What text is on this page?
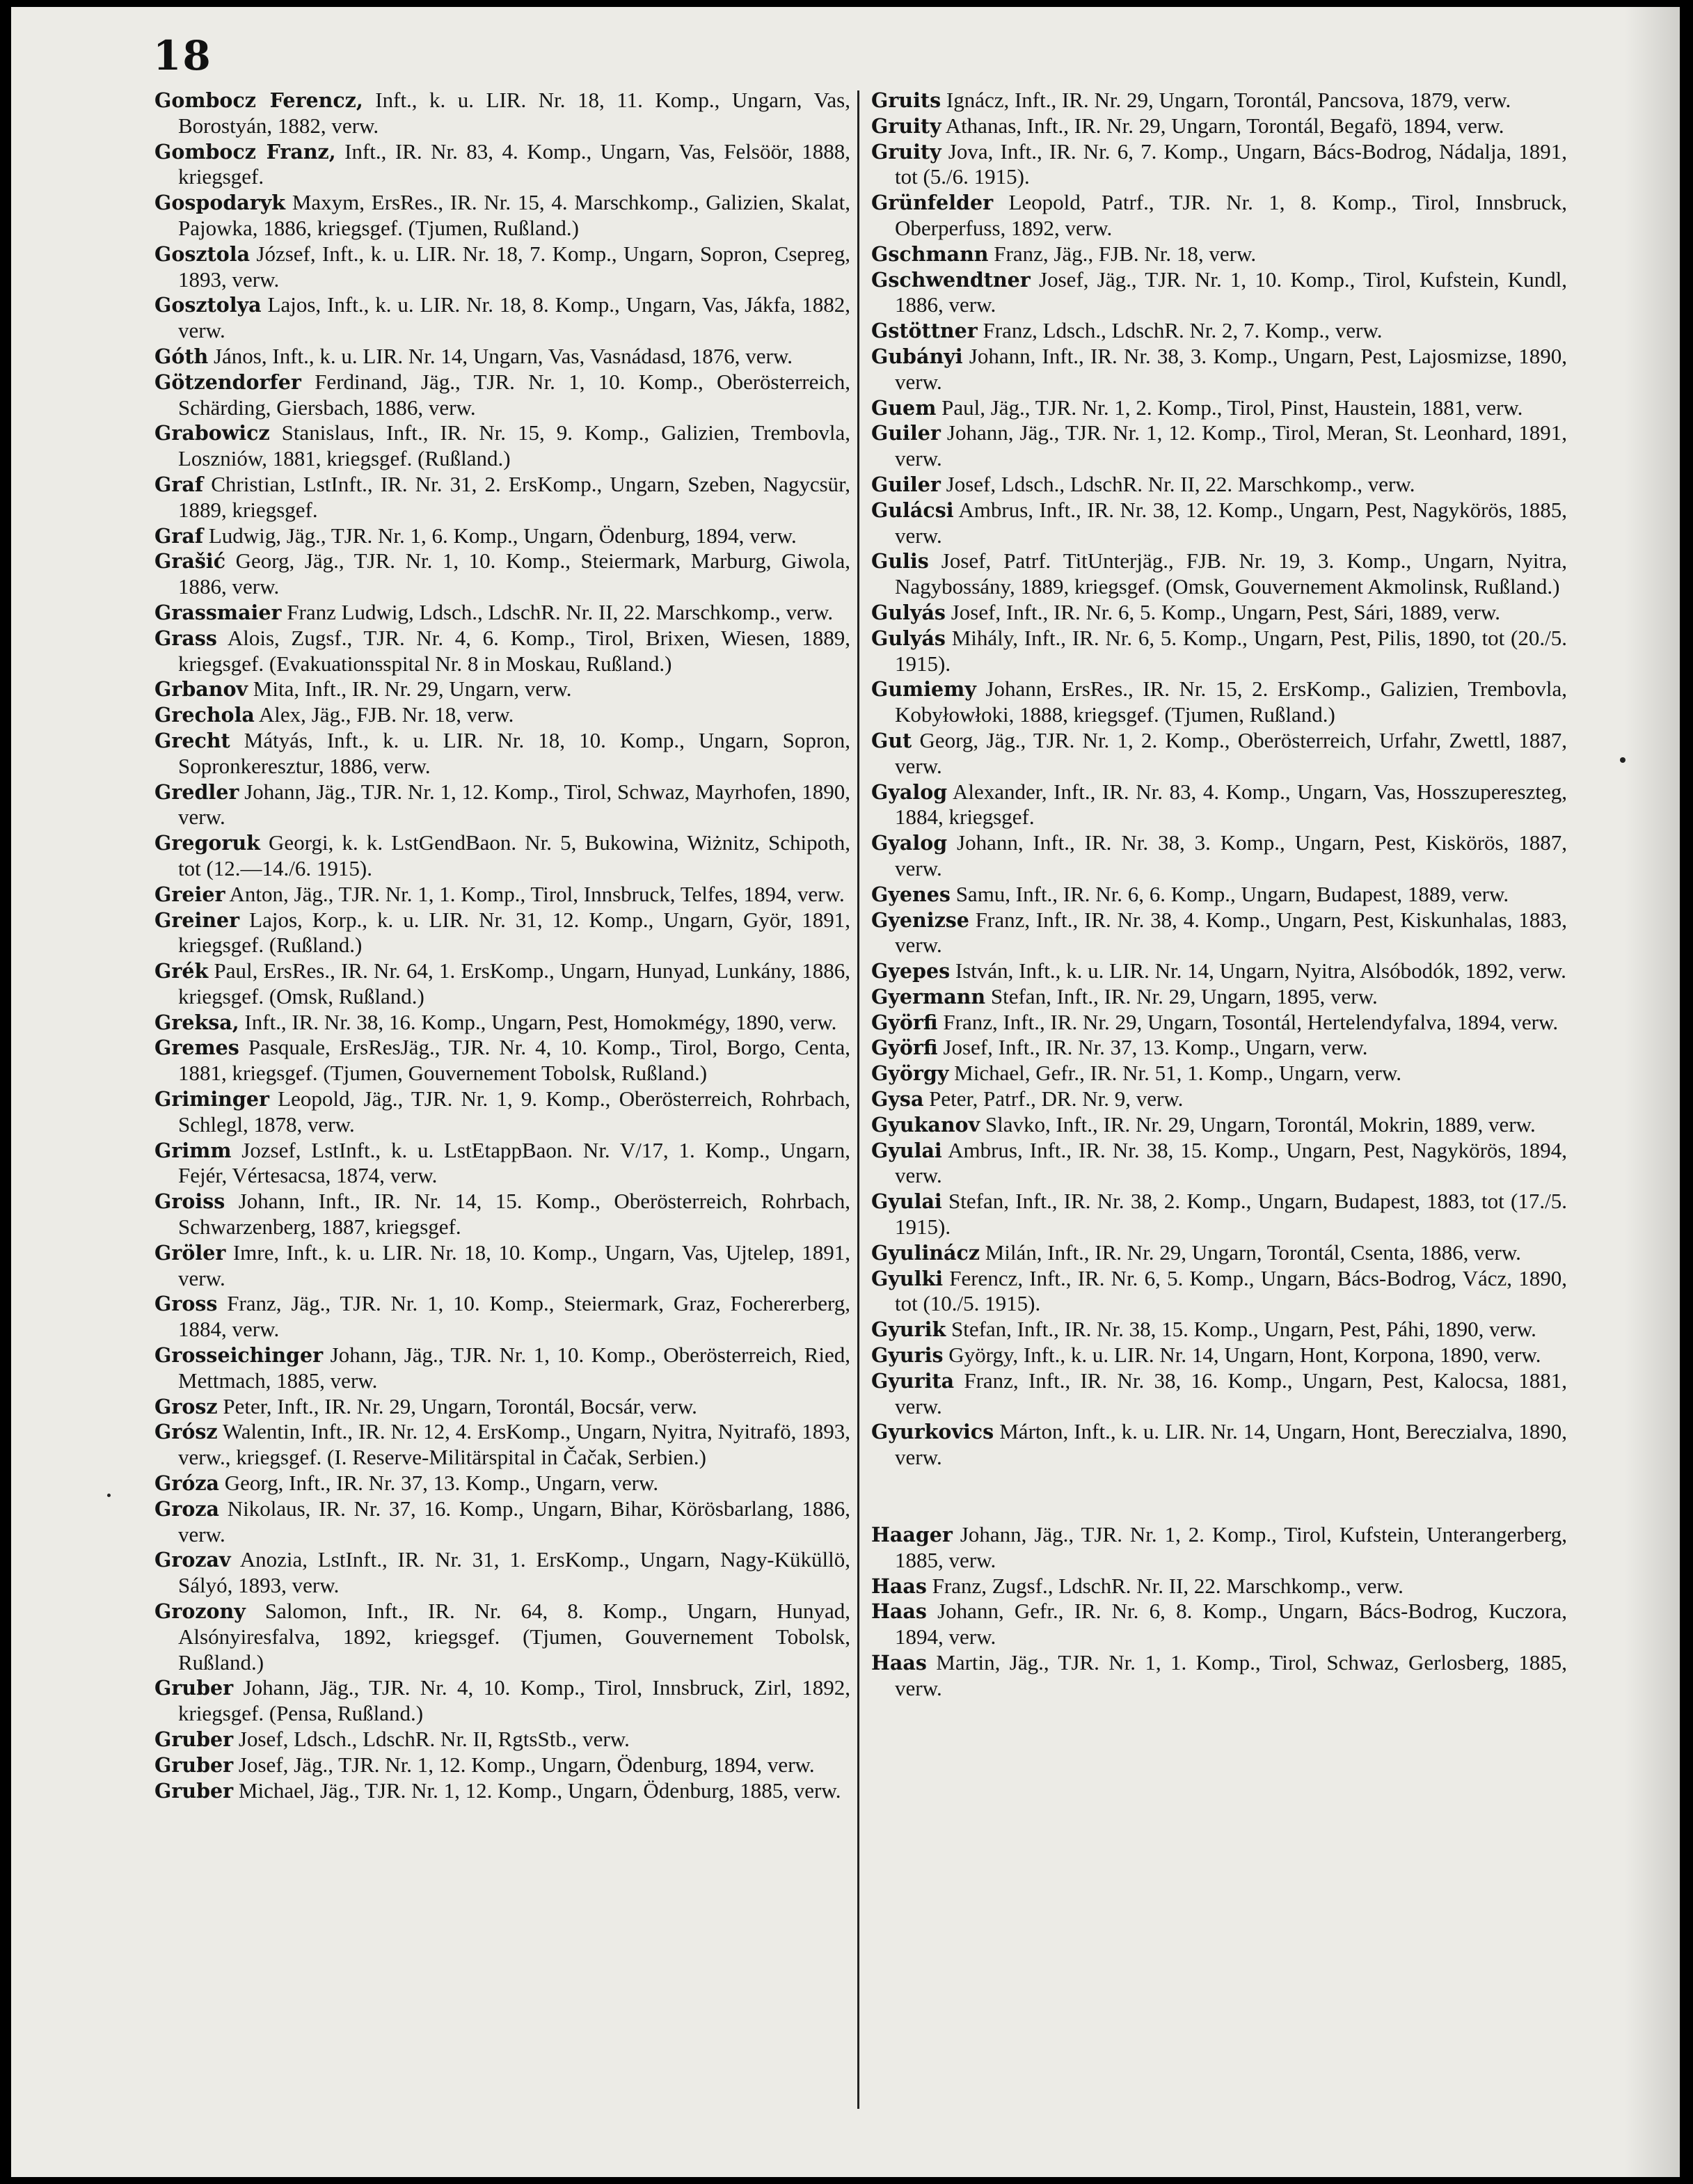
18

Gombocz Ferencz, Inft., k. u. LIR. Nr. 18, 11. Komp., Ungarn, Vas, Borostyán, 1882, verw.

Gombocz Franz, Inft., IR. Nr. 83, 4. Komp., Ungarn, Vas, Felsöör, 1888, kriegsgef.

Gospodaryk Maxym, ErsRes., IR. Nr. 15, 4. Marschkomp., Galizien, Skalat, Pajowka, 1886, kriegsgef. (Tjumen, Rußland.)

Gosztola József, Inft., k. u. LIR. Nr. 18, 7. Komp., Ungarn, Sopron, Csepreg, 1893, verw.

Gosztolya Lajos, Inft., k. u. LIR. Nr. 18, 8. Komp., Ungarn, Vas, Jákfa, 1882, verw.

Góth János, Inft., k. u. LIR. Nr. 14, Ungarn, Vas, Vasnádasd, 1876, verw.

Götzendorfer Ferdinand, Jäg., TJR. Nr. 1, 10. Komp., Oberösterreich, Schärding, Giersbach, 1886, verw.

Grabowicz Stanislaus, Inft., IR. Nr. 15, 9. Komp., Galizien, Trembovla, Loszniów, 1881, kriegsgef. (Rußland.)

Graf Christian, LstInft., IR. Nr. 31, 2. ErsKomp., Ungarn, Szeben, Nagycsür, 1889, kriegsgef.

Graf Ludwig, Jäg., TJR. Nr. 1, 6. Komp., Ungarn, Ödenburg, 1894, verw.

Grašić Georg, Jäg., TJR. Nr. 1, 10. Komp., Steiermark, Marburg, Giwola, 1886, verw.

Grassmaier Franz Ludwig, Ldsch., LdschR. Nr. II, 22. Marschkomp., verw.

Grass Alois, Zugsf., TJR. Nr. 4, 6. Komp., Tirol, Brixen, Wiesen, 1889, kriegsgef. (Evakuationsspital Nr. 8 in Moskau, Rußland.)

Grbanov Mita, Inft., IR. Nr. 29, Ungarn, verw.

Grechola Alex, Jäg., FJB. Nr. 18, verw.

Grecht Mátyás, Inft., k. u. LIR. Nr. 18, 10. Komp., Ungarn, Sopron, Sopronkeresztur, 1886, verw.

Gredler Johann, Jäg., TJR. Nr. 1, 12. Komp., Tirol, Schwaz, Mayrhofen, 1890, verw.

Gregoruk Georgi, k. k. LstGendBaon. Nr. 5, Bukowina, Wiżnitz, Schipoth, tot (12.—14./6. 1915).

Greier Anton, Jäg., TJR. Nr. 1, 1. Komp., Tirol, Innsbruck, Telfes, 1894, verw.

Greiner Lajos, Korp., k. u. LIR. Nr. 31, 12. Komp., Ungarn, Györ, 1891, kriegsgef. (Rußland.)

Grék Paul, ErsRes., IR. Nr. 64, 1. ErsKomp., Ungarn, Hunyad, Lunkány, 1886, kriegsgef. (Omsk, Rußland.)

Greksa, Inft., IR. Nr. 38, 16. Komp., Ungarn, Pest, Homokmégy, 1890, verw.

Gremes Pasquale, ErsResJäg., TJR. Nr. 4, 10. Komp., Tirol, Borgo, Centa, 1881, kriegsgef. (Tjumen, Gouvernement Tobolsk, Rußland.)

Griminger Leopold, Jäg., TJR. Nr. 1, 9. Komp., Oberösterreich, Rohrbach, Schlegl, 1878, verw.

Grimm Jozsef, LstInft., k. u. LstEtappBaon. Nr. V/17, 1. Komp., Ungarn, Fejér, Vértesacsa, 1874, verw.

Groiss Johann, Inft., IR. Nr. 14, 15. Komp., Oberösterreich, Rohrbach, Schwarzenberg, 1887, kriegsgef.

Gröler Imre, Inft., k. u. LIR. Nr. 18, 10. Komp., Ungarn, Vas, Ujtelep, 1891, verw.

Gross Franz, Jäg., TJR. Nr. 1, 10. Komp., Steiermark, Graz, Fochererberg, 1884, verw.

Grosseichinger Johann, Jäg., TJR. Nr. 1, 10. Komp., Oberösterreich, Ried, Mettmach, 1885, verw.

Grosz Peter, Inft., IR. Nr. 29, Ungarn, Torontál, Bocsár, verw.

Grósz Walentin, Inft., IR. Nr. 12, 4. ErsKomp., Ungarn, Nyitra, Nyitrafö, 1893, verw., kriegsgef. (I. Reserve-Militärspital in Čačak, Serbien.)

Gróza Georg, Inft., IR. Nr. 37, 13. Komp., Ungarn, verw.

Groza Nikolaus, IR. Nr. 37, 16. Komp., Ungarn, Bihar, Körösbarlang, 1886, verw.

Grozav Anozia, LstInft., IR. Nr. 31, 1. ErsKomp., Ungarn, Nagy-Küküllö, Sályó, 1893, verw.

Grozony Salomon, Inft., IR. Nr. 64, 8. Komp., Ungarn, Hunyad, Alsónyiresfalva, 1892, kriegsgef. (Tjumen, Gouvernement Tobolsk, Rußland.)

Gruber Johann, Jäg., TJR. Nr. 4, 10. Komp., Tirol, Innsbruck, Zirl, 1892, kriegsgef. (Pensa, Rußland.)

Gruber Josef, Ldsch., LdschR. Nr. II, RgtsStb., verw.

Gruber Josef, Jäg., TJR. Nr. 1, 12. Komp., Ungarn, Ödenburg, 1894, verw.

Gruber Michael, Jäg., TJR. Nr. 1, 12. Komp., Ungarn, Ödenburg, 1885, verw.

Gruits Ignácz, Inft., IR. Nr. 29, Ungarn, Torontál, Pancsova, 1879, verw.

Gruity Athanas, Inft., IR. Nr. 29, Ungarn, Torontál, Begafö, 1894, verw.

Gruity Jova, Inft., IR. Nr. 6, 7. Komp., Ungarn, Bács-Bodrog, Nádalja, 1891, tot (5./6. 1915).

Grünfelder Leopold, Patrf., TJR. Nr. 1, 8. Komp., Tirol, Innsbruck, Oberperfuss, 1892, verw.

Gschmann Franz, Jäg., FJB. Nr. 18, verw.

Gschwendtner Josef, Jäg., TJR. Nr. 1, 10. Komp., Tirol, Kufstein, Kundl, 1886, verw.

Gstöttner Franz, Ldsch., LdschR. Nr. 2, 7. Komp., verw.

Gubányi Johann, Inft., IR. Nr. 38, 3. Komp., Ungarn, Pest, Lajosmizse, 1890, verw.

Guem Paul, Jäg., TJR. Nr. 1, 2. Komp., Tirol, Pinst, Haustein, 1881, verw.

Guiler Johann, Jäg., TJR. Nr. 1, 12. Komp., Tirol, Meran, St. Leonhard, 1891, verw.

Guiler Josef, Ldsch., LdschR. Nr. II, 22. Marschkomp., verw.

Gulácsi Ambrus, Inft., IR. Nr. 38, 12. Komp., Ungarn, Pest, Nagykörös, 1885, verw.

Gulis Josef, Patrf. TitUnterjäg., FJB. Nr. 19, 3. Komp., Ungarn, Nyitra, Nagybossány, 1889, kriegsgef. (Omsk, Gouvernement Akmolinsk, Rußland.)

Gulyás Josef, Inft., IR. Nr. 6, 5. Komp., Ungarn, Pest, Sári, 1889, verw.

Gulyás Mihály, Inft., IR. Nr. 6, 5. Komp., Ungarn, Pest, Pilis, 1890, tot (20./5. 1915).

Gumiemy Johann, ErsRes., IR. Nr. 15, 2. ErsKomp., Galizien, Trembovla, Kobyłowłoki, 1888, kriegsgef. (Tjumen, Rußland.)

Gut Georg, Jäg., TJR. Nr. 1, 2. Komp., Oberösterreich, Urfahr, Zwettl, 1887, verw.

Gyalog Alexander, Inft., IR. Nr. 83, 4. Komp., Ungarn, Vas, Hosszupereszteg, 1884, kriegsgef.

Gyalog Johann, Inft., IR. Nr. 38, 3. Komp., Ungarn, Pest, Kiskörös, 1887, verw.

Gyenes Samu, Inft., IR. Nr. 6, 6. Komp., Ungarn, Budapest, 1889, verw.

Gyenizse Franz, Inft., IR. Nr. 38, 4. Komp., Ungarn, Pest, Kiskunhalas, 1883, verw.

Gyepes István, Inft., k. u. LIR. Nr. 14, Ungarn, Nyitra, Alsóbodók, 1892, verw.

Gyermann Stefan, Inft., IR. Nr. 29, Ungarn, 1895, verw.

Györfi Franz, Inft., IR. Nr. 29, Ungarn, Tosontál, Hertelendyfalva, 1894, verw.

Györfi Josef, Inft., IR. Nr. 37, 13. Komp., Ungarn, verw.

György Michael, Gefr., IR. Nr. 51, 1. Komp., Ungarn, verw.

Gysa Peter, Patrf., DR. Nr. 9, verw.

Gyukanov Slavko, Inft., IR. Nr. 29, Ungarn, Torontál, Mokrin, 1889, verw.

Gyulai Ambrus, Inft., IR. Nr. 38, 15. Komp., Ungarn, Pest, Nagykörös, 1894, verw.

Gyulai Stefan, Inft., IR. Nr. 38, 2. Komp., Ungarn, Budapest, 1883, tot (17./5. 1915).

Gyulinácz Milán, Inft., IR. Nr. 29, Ungarn, Torontál, Csenta, 1886, verw.

Gyulki Ferencz, Inft., IR. Nr. 6, 5. Komp., Ungarn, Bács-Bodrog, Vácz, 1890, tot (10./5. 1915).

Gyurik Stefan, Inft., IR. Nr. 38, 15. Komp., Ungarn, Pest, Páhi, 1890, verw.

Gyuris György, Inft., k. u. LIR. Nr. 14, Ungarn, Hont, Korpona, 1890, verw.

Gyurita Franz, Inft., IR. Nr. 38, 16. Komp., Ungarn, Pest, Kalocsa, 1881, verw.

Gyurkovics Márton, Inft., k. u. LIR. Nr. 14, Ungarn, Hont, Bereczialva, 1890, verw.

Haager Johann, Jäg., TJR. Nr. 1, 2. Komp., Tirol, Kufstein, Unterangerberg, 1885, verw.

Haas Franz, Zugsf., LdschR. Nr. II, 22. Marschkomp., verw.

Haas Johann, Gefr., IR. Nr. 6, 8. Komp., Ungarn, Bács-Bodrog, Kuczora, 1894, verw.

Haas Martin, Jäg., TJR. Nr. 1, 1. Komp., Tirol, Schwaz, Gerlosberg, 1885, verw.
